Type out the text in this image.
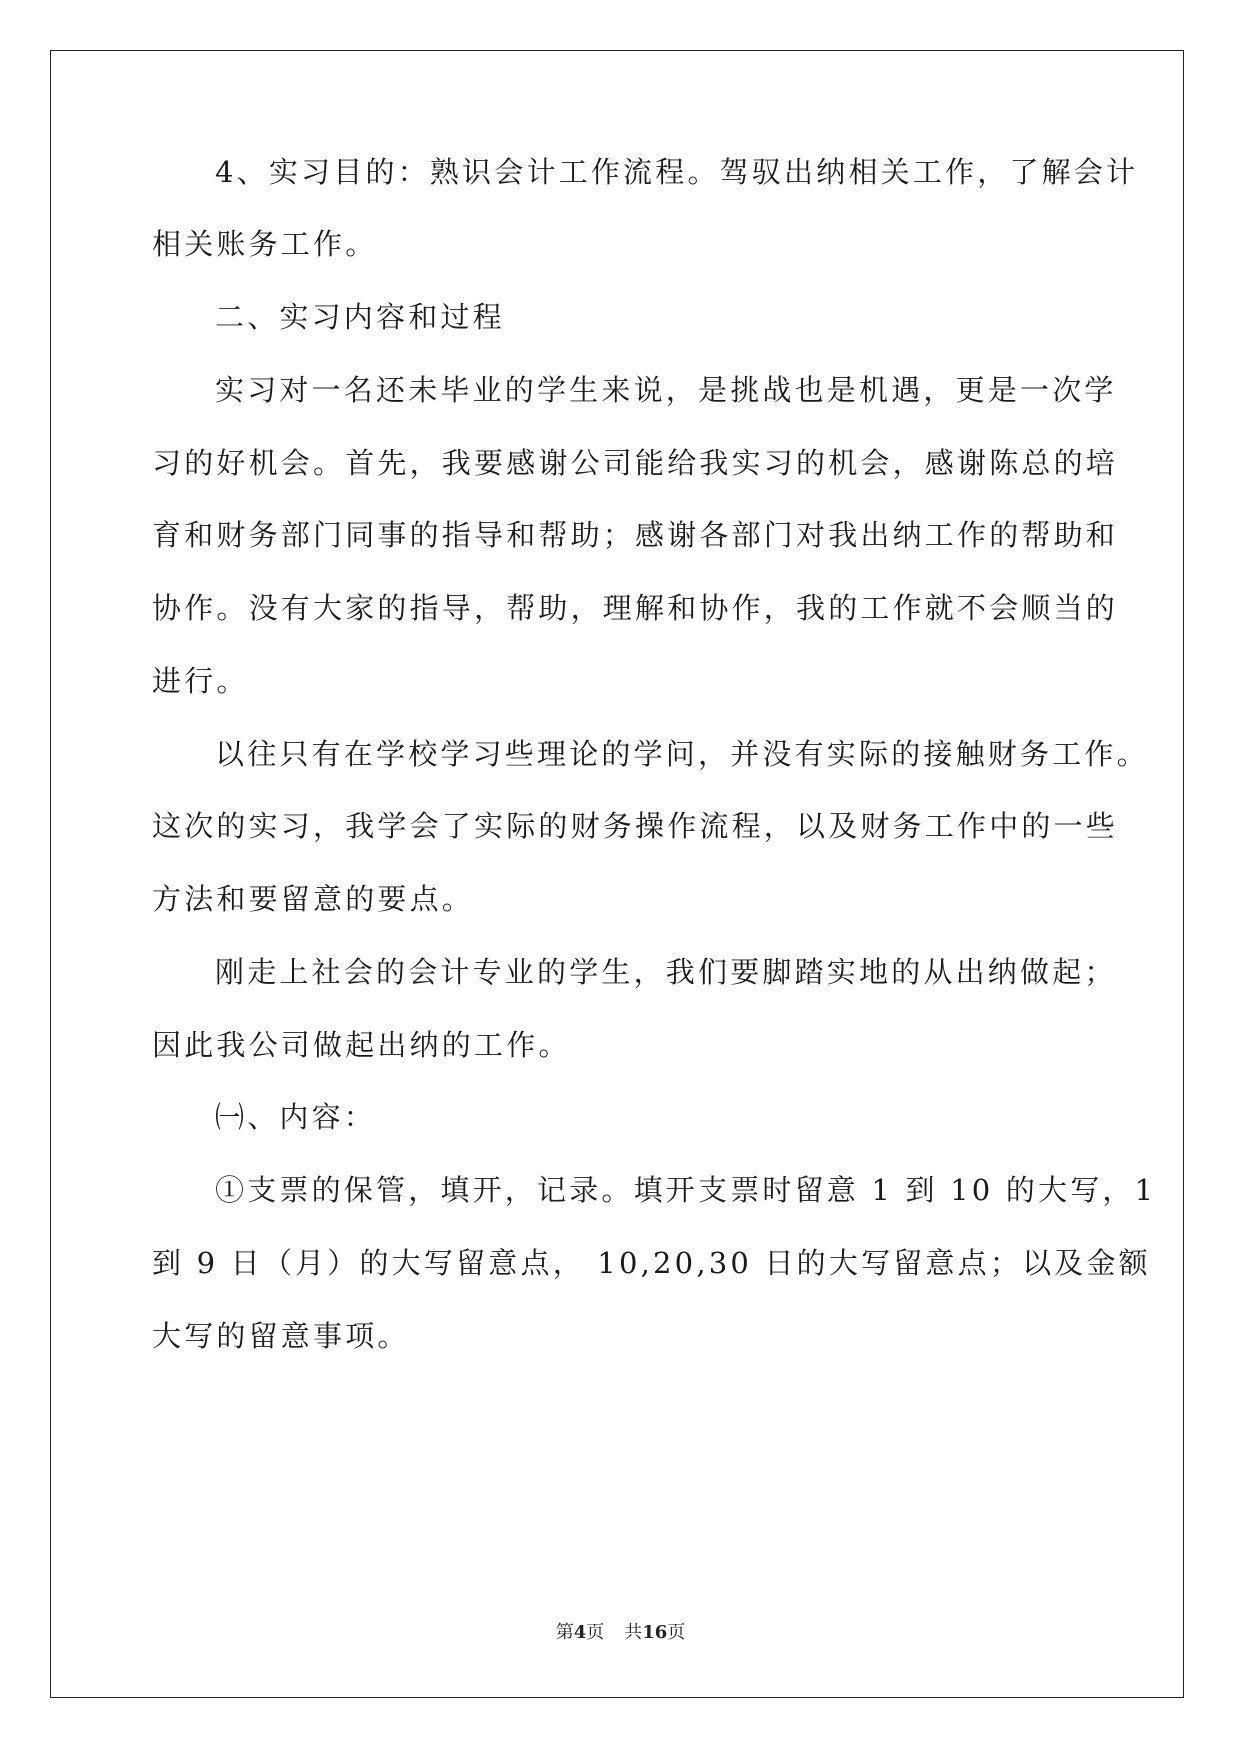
4、实习目的：熟识会计工作流程。驾驭出纳相关工作，了解会计
相关账务工作。
二、实习内容和过程
实习对一名还未毕业的学生来说，是挑战也是机遇，更是一次学
习的好机会。首先，我要感谢公司能给我实习的机会，感谢陈总的培
育和财务部门同事的指导和帮助；感谢各部门对我出纳工作的帮助和
协作。没有大家的指导，帮助，理解和协作，我的工作就不会顺当的
进行。
以往只有在学校学习些理论的学问，并没有实际的接触财务工作。
这次的实习，我学会了实际的财务操作流程，以及财务工作中的一些
方法和要留意的要点。
刚走上社会的会计专业的学生，我们要脚踏实地的从出纳做起；
因此我公司做起出纳的工作。
㈠、内容：
①支票的保管，填开，记录。填开支票时留意 1 到 10 的大写，1
到 9 日（月）的大写留意点， 10,20,30 日的大写留意点；以及金额
大写的留意事项。
第4页 共16页
